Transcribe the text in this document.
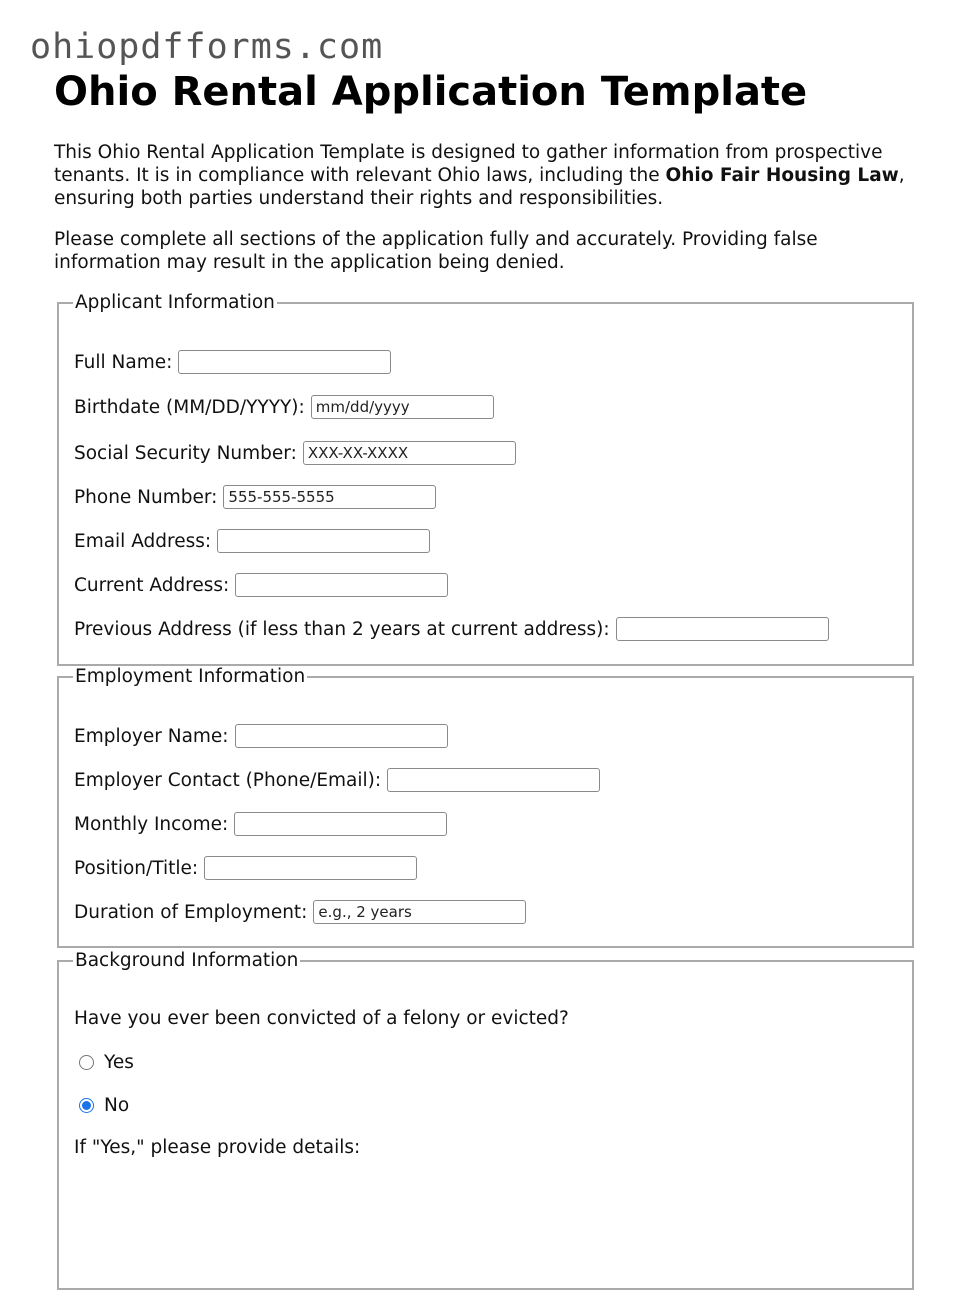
ohiopdfforms.com
Ohio Rental Application Template

This Ohio Rental Application Template is designed to gather information from prospective tenants. It is in compliance with relevant Ohio laws, including the Ohio Fair Housing Law, ensuring both parties understand their rights and responsibilities.

Please complete all sections of the application fully and accurately. Providing false information may result in the application being denied.

Applicant Information
Full Name:
Birthdate (MM/DD/YYYY):
mm/dd/yyyy
Social Security Number:
XXX-XX-XXXX
Phone Number:
555-555-5555
Email Address:
Current Address:
Previous Address (if less than 2 years at current address):
Employment Information
Employer Name:
Employer Contact (Phone/Email):
Monthly Income:
Position/Title:
Duration of Employment:
e.g., 2 years
Background Information
Have you ever been convicted of a felony or evicted?
Yes
No
If "Yes," please provide details:
